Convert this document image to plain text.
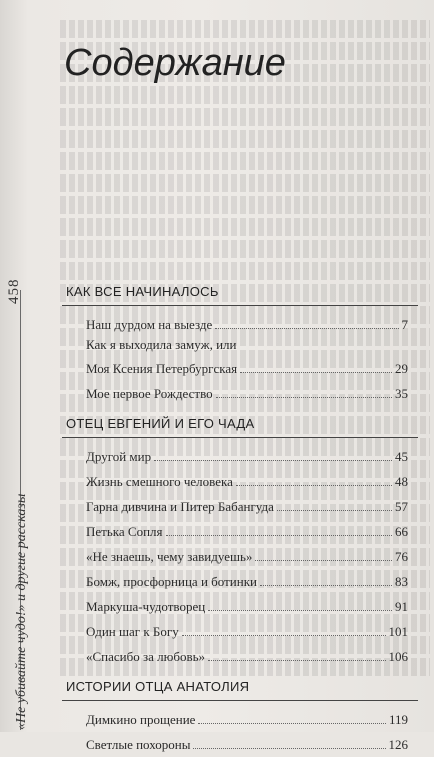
458
«Не убивайте чудо!» и другие рассказы
Содержание
КАК ВСЕ НАЧИНАЛОСЬ
Наш дурдом на выезде	7
Как я выходила замуж, или
Моя Ксения Петербургская	29
Мое первое Рождество	35
ОТЕЦ ЕВГЕНИЙ И ЕГО ЧАДА
Другой мир	45
Жизнь смешного человека	48
Гарна дивчина и Питер Бабангуда	57
Петька Сопля	66
«Не знаешь, чему завидуешь»	76
Бомж, просфорница и ботинки	83
Маркуша-чудотворец	91
Один шаг к Богу	101
«Спасибо за любовь»	106
ИСТОРИИ ОТЦА АНАТОЛИЯ
Димкино прощение	119
Светлые похороны	126
